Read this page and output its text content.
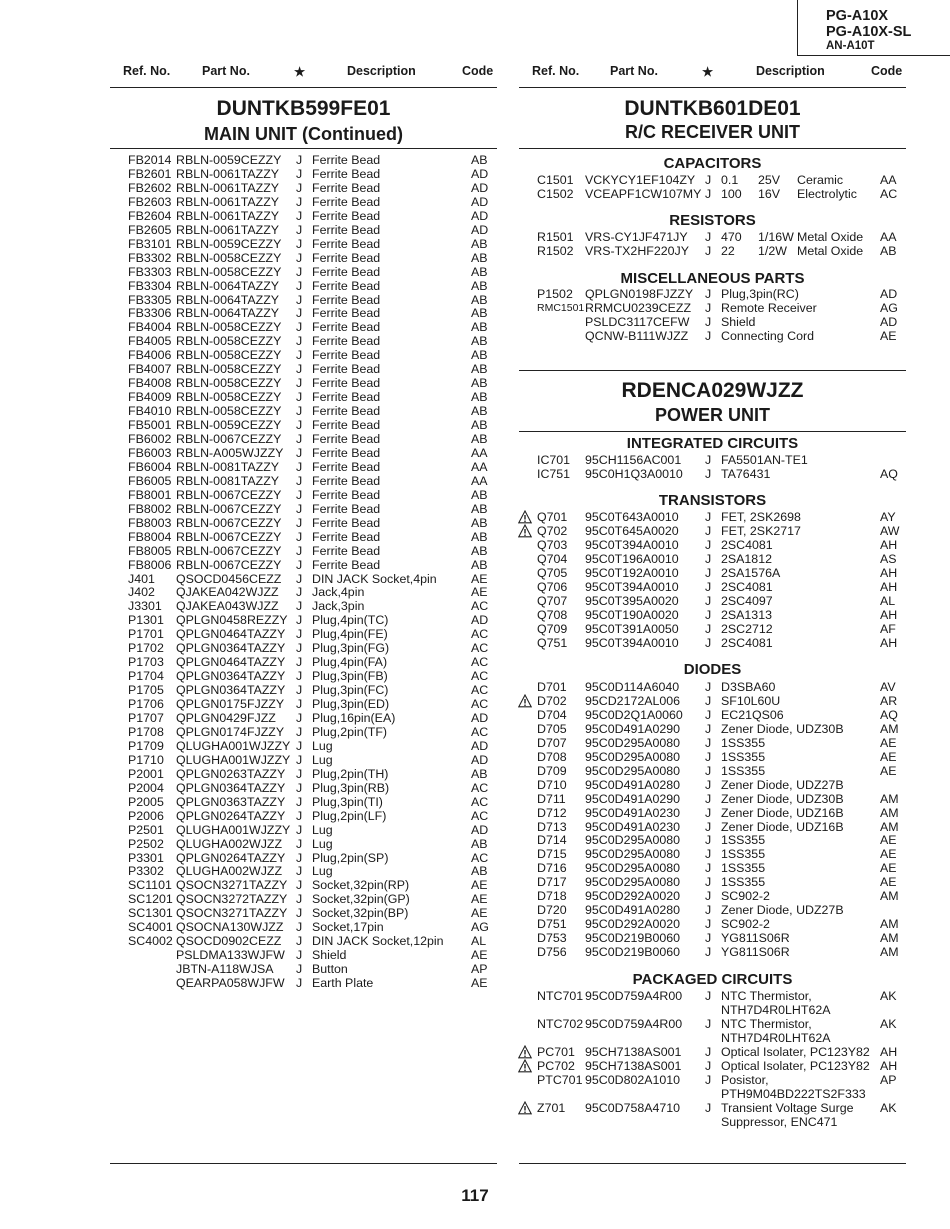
PG-A10X
PG-A10X-SL
AN-A10T
Ref. No.	Part No.	★	Description	Code	Ref. No. Part No.	★	Description	Code
DUNTKB599FE01
MAIN UNIT (Continued)
DUNTKB601DE01
R/C RECEIVER UNIT
CAPACITORS
RESISTORS
MISCELLANEOUS PARTS
RDENCA029WJZZ
POWER UNIT
INTEGRATED CIRCUITS
TRANSISTORS
DIODES
PACKAGED CIRCUITS
117
FB2014 RBLN-0059CEZZY J Ferrite Bead	AB
FB2601 RBLN-0061TAZZY J Ferrite Bead	AD
FB2602 RBLN-0061TAZZY J Ferrite Bead	AD
FB2603 RBLN-0061TAZZY J Ferrite Bead	AD
FB2604 RBLN-0061TAZZY J Ferrite Bead	AD
FB2605 RBLN-0061TAZZY J Ferrite Bead	AD
FB3101 RBLN-0059CEZZY J Ferrite Bead	AB
FB3302 RBLN-0058CEZZY J Ferrite Bead	AB
FB3303 RBLN-0058CEZZY J Ferrite Bead	AB
FB3304 RBLN-0064TAZZY J Ferrite Bead	AB
FB3305 RBLN-0064TAZZY J Ferrite Bead	AB
FB3306 RBLN-0064TAZZY J Ferrite Bead	AB
FB4004 RBLN-0058CEZZY J Ferrite Bead	AB
FB4005 RBLN-0058CEZZY J Ferrite Bead	AB
FB4006 RBLN-0058CEZZY J Ferrite Bead	AB
FB4007 RBLN-0058CEZZY J Ferrite Bead	AB
FB4008 RBLN-0058CEZZY J Ferrite Bead	AB
FB4009 RBLN-0058CEZZY J Ferrite Bead	AB
FB4010 RBLN-0058CEZZY J Ferrite Bead	AB
FB5001 RBLN-0059CEZZY J Ferrite Bead	AB
FB6002 RBLN-0067CEZZY J Ferrite Bead	AB
FB6003 RBLN-A005WJZZY J Ferrite Bead	AA
FB6004 RBLN-0081TAZZY J Ferrite Bead	AA
FB6005 RBLN-0081TAZZY J Ferrite Bead	AA
FB8001 RBLN-0067CEZZY J Ferrite Bead	AB
FB8002 RBLN-0067CEZZY J Ferrite Bead	AB
FB8003 RBLN-0067CEZZY J Ferrite Bead	AB
FB8004 RBLN-0067CEZZY J Ferrite Bead	AB
FB8005 RBLN-0067CEZZY J Ferrite Bead	AB
FB8006 RBLN-0067CEZZY J Ferrite Bead	AB
J401 QSOCD0456CEZZ J DIN JACK Socket,4pin	AE
J402 QJAKEA042WJZZ J Jack,4pin	AE
J3301 QJAKEA043WJZZ J Jack,3pin	AC
P1301 QPLGN0458REZZY J Plug,4pin(TC)	AD
P1701 QPLGN0464TAZZY J Plug,4pin(FE)	AC
P1702 QPLGN0364TAZZY J Plug,3pin(FG)	AC
P1703 QPLGN0464TAZZY J Plug,4pin(FA)	AC
P1704 QPLGN0364TAZZY J Plug,3pin(FB)	AC
P1705 QPLGN0364TAZZY J Plug,3pin(FC)	AC
P1706 QPLGN0175FJZZY J Plug,3pin(ED)	AC
P1707 QPLGN0429FJZZ J Plug,16pin(EA)	AD
P1708 QPLGN0174FJZZY J Plug,2pin(TF)	AC
P1709 QLUGHA001WJZZY J Lug	AD
P1710 QLUGHA001WJZZY J Lug	AD
P2001 QPLGN0263TAZZY J Plug,2pin(TH)	AB
P2004 QPLGN0364TAZZY J Plug,3pin(RB)	AC
P2005 QPLGN0363TAZZY J Plug,3pin(TI)	AC
P2006 QPLGN0264TAZZY J Plug,2pin(LF)	AC
P2501 QLUGHA001WJZZY J Lug	AD
P2502 QLUGHA002WJZZ J Lug	AB
P3301 QPLGN0264TAZZY J Plug,2pin(SP)	AC
P3302 QLUGHA002WJZZ J Lug	AB
SC1101 QSOCN3271TAZZY J Socket,32pin(RP)	AE
SC1201 QSOCN3272TAZZY J Socket,32pin(GP)	AE
SC1301 QSOCN3271TAZZY J Socket,32pin(BP)	AE
SC4001 QSOCNA130WJZZ J Socket,17pin	AG
SC4002 QSOCD0902CEZZ J DIN JACK Socket,12pin AL
PSLDMA133WJFW J Shield	AE
JBTN-A118WJSA J Button	AP
QEARPA058WJFW J Earth Plate	AE
C1501 VCKYCY1EF104ZY J 0.1 25V Ceramic	AA
C1502 VCEAPF1CW107MY J 100 16V Electrolytic AC
R1501 VRS-CY1JF471JY J 470 1/16W Metal Oxide AA
R1502 VRS-TX2HF220JY J 22 1/2W Metal Oxide AB
P1502 QPLGN0198FJZZY J Plug,3pin(RC)	AD
RMC1501 RRMCU0239CEZZ J Remote Receiver	AG
PSLDC3117CEFW J Shield	AD
QCNW-B111WJZZ J Connecting Cord	AE
IC701 95CH1156AC001 J FA5501AN-TE1
IC751 95C0H1Q3A0010 J TA76431	AQ
Q701 95C0T643A0010 J FET, 2SK2698	AY
Q702 95C0T645A0020 J FET, 2SK2717	AW
Q703 95C0T394A0010 J 2SC4081	AH
Q704 95C0T196A0010 J 2SA1812	AS
Q705 95C0T192A0010 J 2SA1576A	AH
Q706 95C0T394A0010 J 2SC4081	AH
Q707 95C0T395A0020 J 2SC4097	AL
Q708 95C0T190A0020 J 2SA1313	AH
Q709 95C0T391A0050 J 2SC2712	AF
Q751 95C0T394A0010 J 2SC4081	AH
D701 95C0D114A6040 J D3SBA60	AV
D702 95CD2172AL006 J SF10L60U	AR
D704 95C0D2Q1A0060 J EC21QS06	AQ
D705 95C0D491A0290 J Zener Diode, UDZ30B	AM
D707 95C0D295A0080 J 1SS355	AE
D708 95C0D295A0080 J 1SS355	AE
D709 95C0D295A0080 J 1SS355	AE
D710 95C0D491A0280 J Zener Diode, UDZ27B
D711 95C0D491A0290 J Zener Diode, UDZ30B	AM
D712 95C0D491A0230 J Zener Diode, UDZ16B	AM
D713 95C0D491A0230 J Zener Diode, UDZ16B	AM
D714 95C0D295A0080 J 1SS355	AE
D715 95C0D295A0080 J 1SS355	AE
D716 95C0D295A0080 J 1SS355	AE
D717 95C0D295A0080 J 1SS355	AE
D718 95C0D292A0020 J SC902-2	AM
D720 95C0D491A0280 J Zener Diode, UDZ27B
D751 95C0D292A0020 J SC902-2	AM
D753 95C0D219B0060 J YG811S06R	AM
D756 95C0D219B0060 J YG811S06R	AM
NTC701 95C0D759A4R00 J NTC Thermistor,	AK
NTH7D4R0LHT62A
NTC702 95C0D759A4R00 J NTC Thermistor,	AK
NTH7D4R0LHT62A
PC701 95CH7138AS001 J Optical Isolater, PC123Y82 AH
PC702 95CH7138AS001 J Optical Isolater, PC123Y82 AH
PTC701 95C0D802A1010 J Posistor,	AP
PTH9M04BD222TS2F333
Z701 95C0D758A4710 J Transient Voltage Surge AK
Suppressor, ENC471
